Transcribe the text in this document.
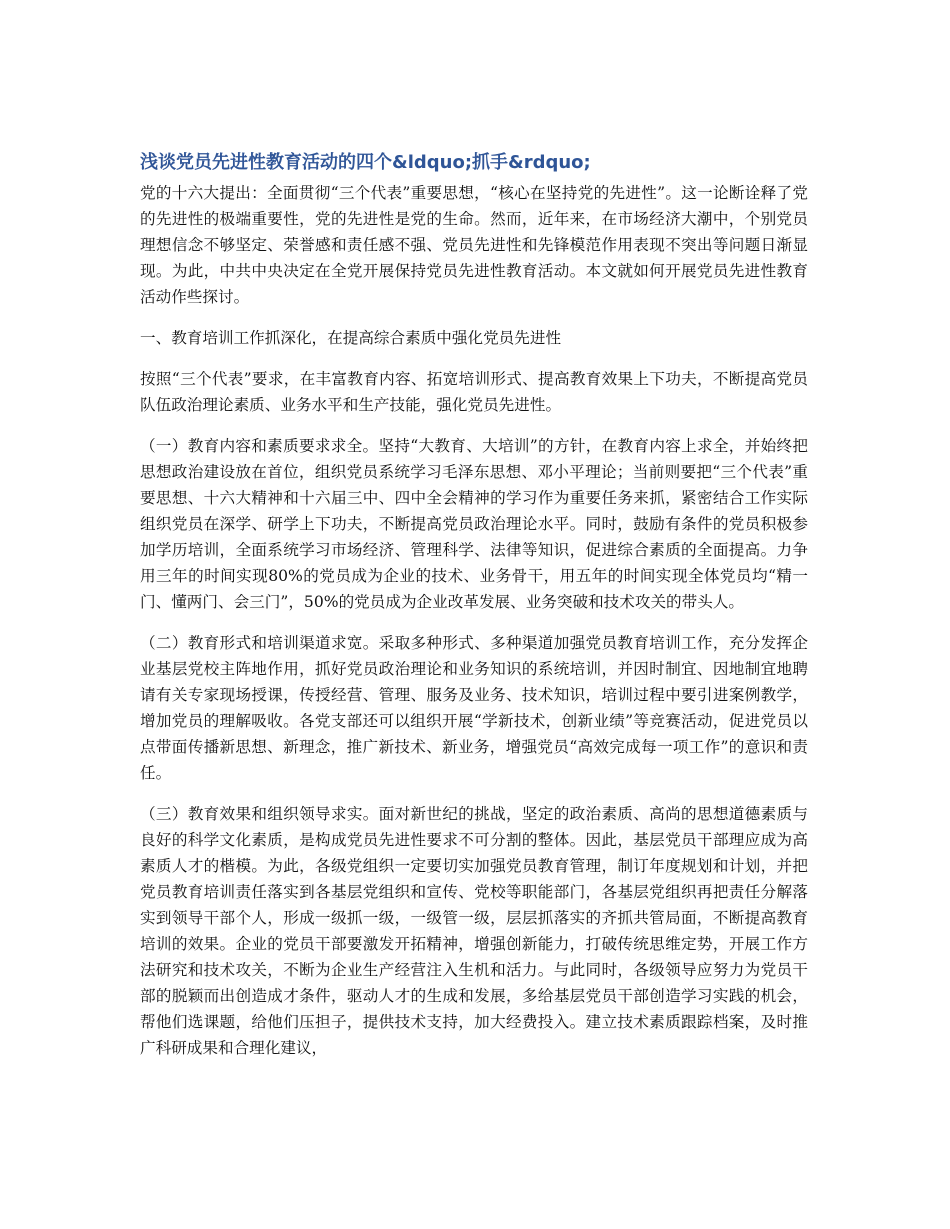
浅谈党员先进性教育活动的四个&ldquo;抓手&rdquo;

党的十六大提出：全面贯彻“三个代表”重要思想，“核心在坚持党的先进性”。这一论断诠释了党的先进性的极端重要性，党的先进性是党的生命。然而，近年来，在市场经济大潮中，个别党员理想信念不够坚定、荣誉感和责任感不强、党员先进性和先锋模范作用表现不突出等问题日渐显现。为此，中共中央决定在全党开展保持党员先进性教育活动。本文就如何开展党员先进性教育活动作些探讨。

一、教育培训工作抓深化，在提高综合素质中强化党员先进性

按照“三个代表”要求，在丰富教育内容、拓宽培训形式、提高教育效果上下功夫，不断提高党员队伍政治理论素质、业务水平和生产技能，强化党员先进性。

（一）教育内容和素质要求求全。坚持“大教育、大培训”的方针，在教育内容上求全，并始终把思想政治建设放在首位，组织党员系统学习毛泽东思想、邓小平理论；当前则要把“三个代表”重要思想、十六大精神和十六届三中、四中全会精神的学习作为重要任务来抓，紧密结合工作实际组织党员在深学、研学上下功夫，不断提高党员政治理论水平。同时，鼓励有条件的党员积极参加学历培训，全面系统学习市场经济、管理科学、法律等知识，促进综合素质的全面提高。力争用三年的时间实现80%的党员成为企业的技术、业务骨干，用五年的时间实现全体党员均“精一门、懂两门、会三门”，50%的党员成为企业改革发展、业务突破和技术攻关的带头人。

（二）教育形式和培训渠道求宽。采取多种形式、多种渠道加强党员教育培训工作，充分发挥企业基层党校主阵地作用，抓好党员政治理论和业务知识的系统培训，并因时制宜、因地制宜地聘请有关专家现场授课，传授经营、管理、服务及业务、技术知识，培训过程中要引进案例教学，增加党员的理解吸收。各党支部还可以组织开展“学新技术，创新业绩”等竞赛活动，促进党员以点带面传播新思想、新理念，推广新技术、新业务，增强党员“高效完成每一项工作”的意识和责任。

（三）教育效果和组织领导求实。面对新世纪的挑战，坚定的政治素质、高尚的思想道德素质与良好的科学文化素质，是构成党员先进性要求不可分割的整体。因此，基层党员干部理应成为高素质人才的楷模。为此，各级党组织一定要切实加强党员教育管理，制订年度规划和计划，并把党员教育培训责任落实到各基层党组织和宣传、党校等职能部门，各基层党组织再把责任分解落实到领导干部个人，形成一级抓一级，一级管一级，层层抓落实的齐抓共管局面，不断提高教育培训的效果。企业的党员干部要激发开拓精神，增强创新能力，打破传统思维定势，开展工作方法研究和技术攻关，不断为企业生产经营注入生机和活力。与此同时，各级领导应努力为党员干部的脱颖而出创造成才条件，驱动人才的生成和发展，多给基层党员干部创造学习实践的机会，帮他们选课题，给他们压担子，提供技术支持，加大经费投入。建立技术素质跟踪档案，及时推广科研成果和合理化建议，
